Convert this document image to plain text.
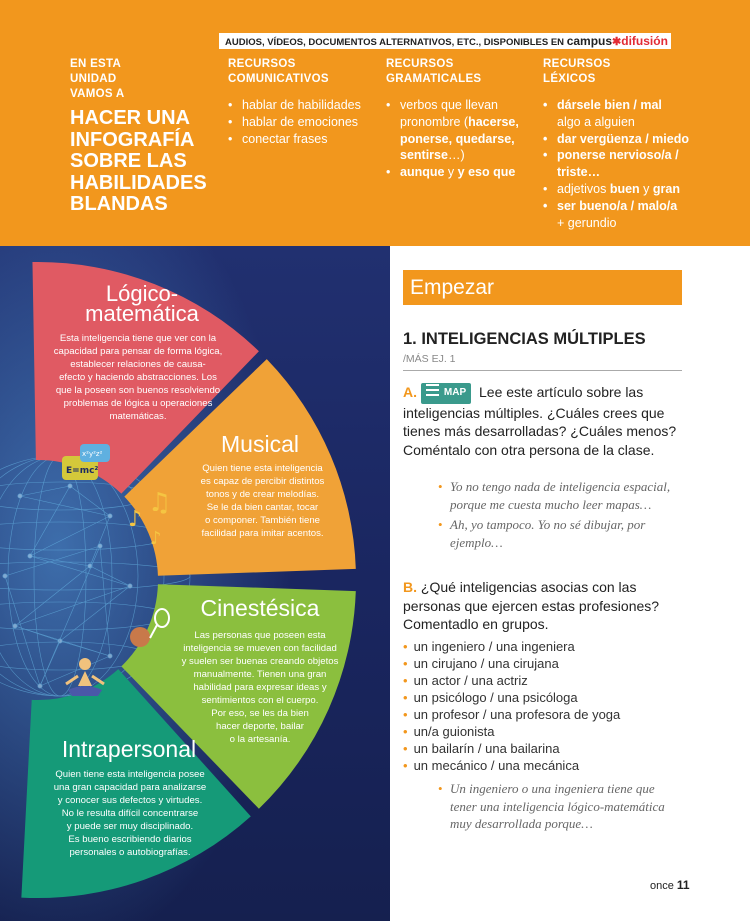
AUDIOS, VÍDEOS, DOCUMENTOS ALTERNATIVOS, ETC., DISPONIBLES EN campus✱difusión
EN ESTA UNIDAD VAMOS A
HACER UNA INFOGRAFÍA SOBRE LAS HABILIDADES BLANDAS
RECURSOS COMUNICATIVOS
• hablar de habilidades
• hablar de emociones
• conectar frases
RECURSOS GRAMATICALES
• verbos que llevan pronombre (hacerse, ponerse, quedarse, sentirse…)
• aunque y y eso que
RECURSOS LÉXICOS
• dársele bien / mal
algo a alguien
• dar vergüenza / miedo
• ponerse nervioso/a /
triste…
• adjetivos buen y gran
• ser bueno/a / malo/a
+ gerundio
♪
♫
♪
E=mc²
x²y²z²
Lógico-
matemática
Esta inteligencia tiene que ver con la
capacidad para pensar de forma lógica,
establecer relaciones de causa-
efecto y haciendo abstracciones. Los
que la poseen son buenos resolviendo
problemas de lógica u operaciones
matemáticas.
Musical
Quien tiene esta inteligencia
es capaz de percibir distintos
tonos y de crear melodías.
Se le da bien cantar, tocar
o componer. También tiene
facilidad para imitar acentos.
Cinestésica
Las personas que poseen esta
inteligencia se mueven con facilidad
y suelen ser buenas creando objetos
manualmente. Tienen una gran
habilidad para expresar ideas y
sentimientos con el cuerpo.
Por eso, se les da bien
hacer deporte, bailar
o la artesanía.
Intrapersonal
Quien tiene esta inteligencia posee
una gran capacidad para analizarse
y conocer sus defectos y virtudes.
No le resulta difícil concentrarse
y puede ser muy disciplinado.
Es bueno escribiendo diarios
personales o autobiografías.
Empezar
1. INTELIGENCIAS MÚLTIPLES
/MÁS EJ. 1
A.	MAP Lee este artículo sobre las inteligencias múltiples. ¿Cuáles crees que tienes más desarrolladas? ¿Cuáles menos? Coméntalo con otra persona de la clase.
• Yo no tengo nada de inteligencia espacial, porque me cuesta mucho leer mapas…
• Ah, yo tampoco. Yo no sé dibujar, por ejemplo…
B. ¿Qué inteligencias asocias con las personas que ejercen estas profesiones? Comentadlo en grupos.
• un ingeniero / una ingeniera
• un cirujano / una cirujana
• un actor / una actriz
• un psicólogo / una psicóloga
• un profesor / una profesora de yoga
• un/a guionista
• un bailarín / una bailarina
• un mecánico / una mecánica
• Un ingeniero o una ingeniera tiene que tener una inteligencia lógico-matemática muy desarrollada porque…
once 11
